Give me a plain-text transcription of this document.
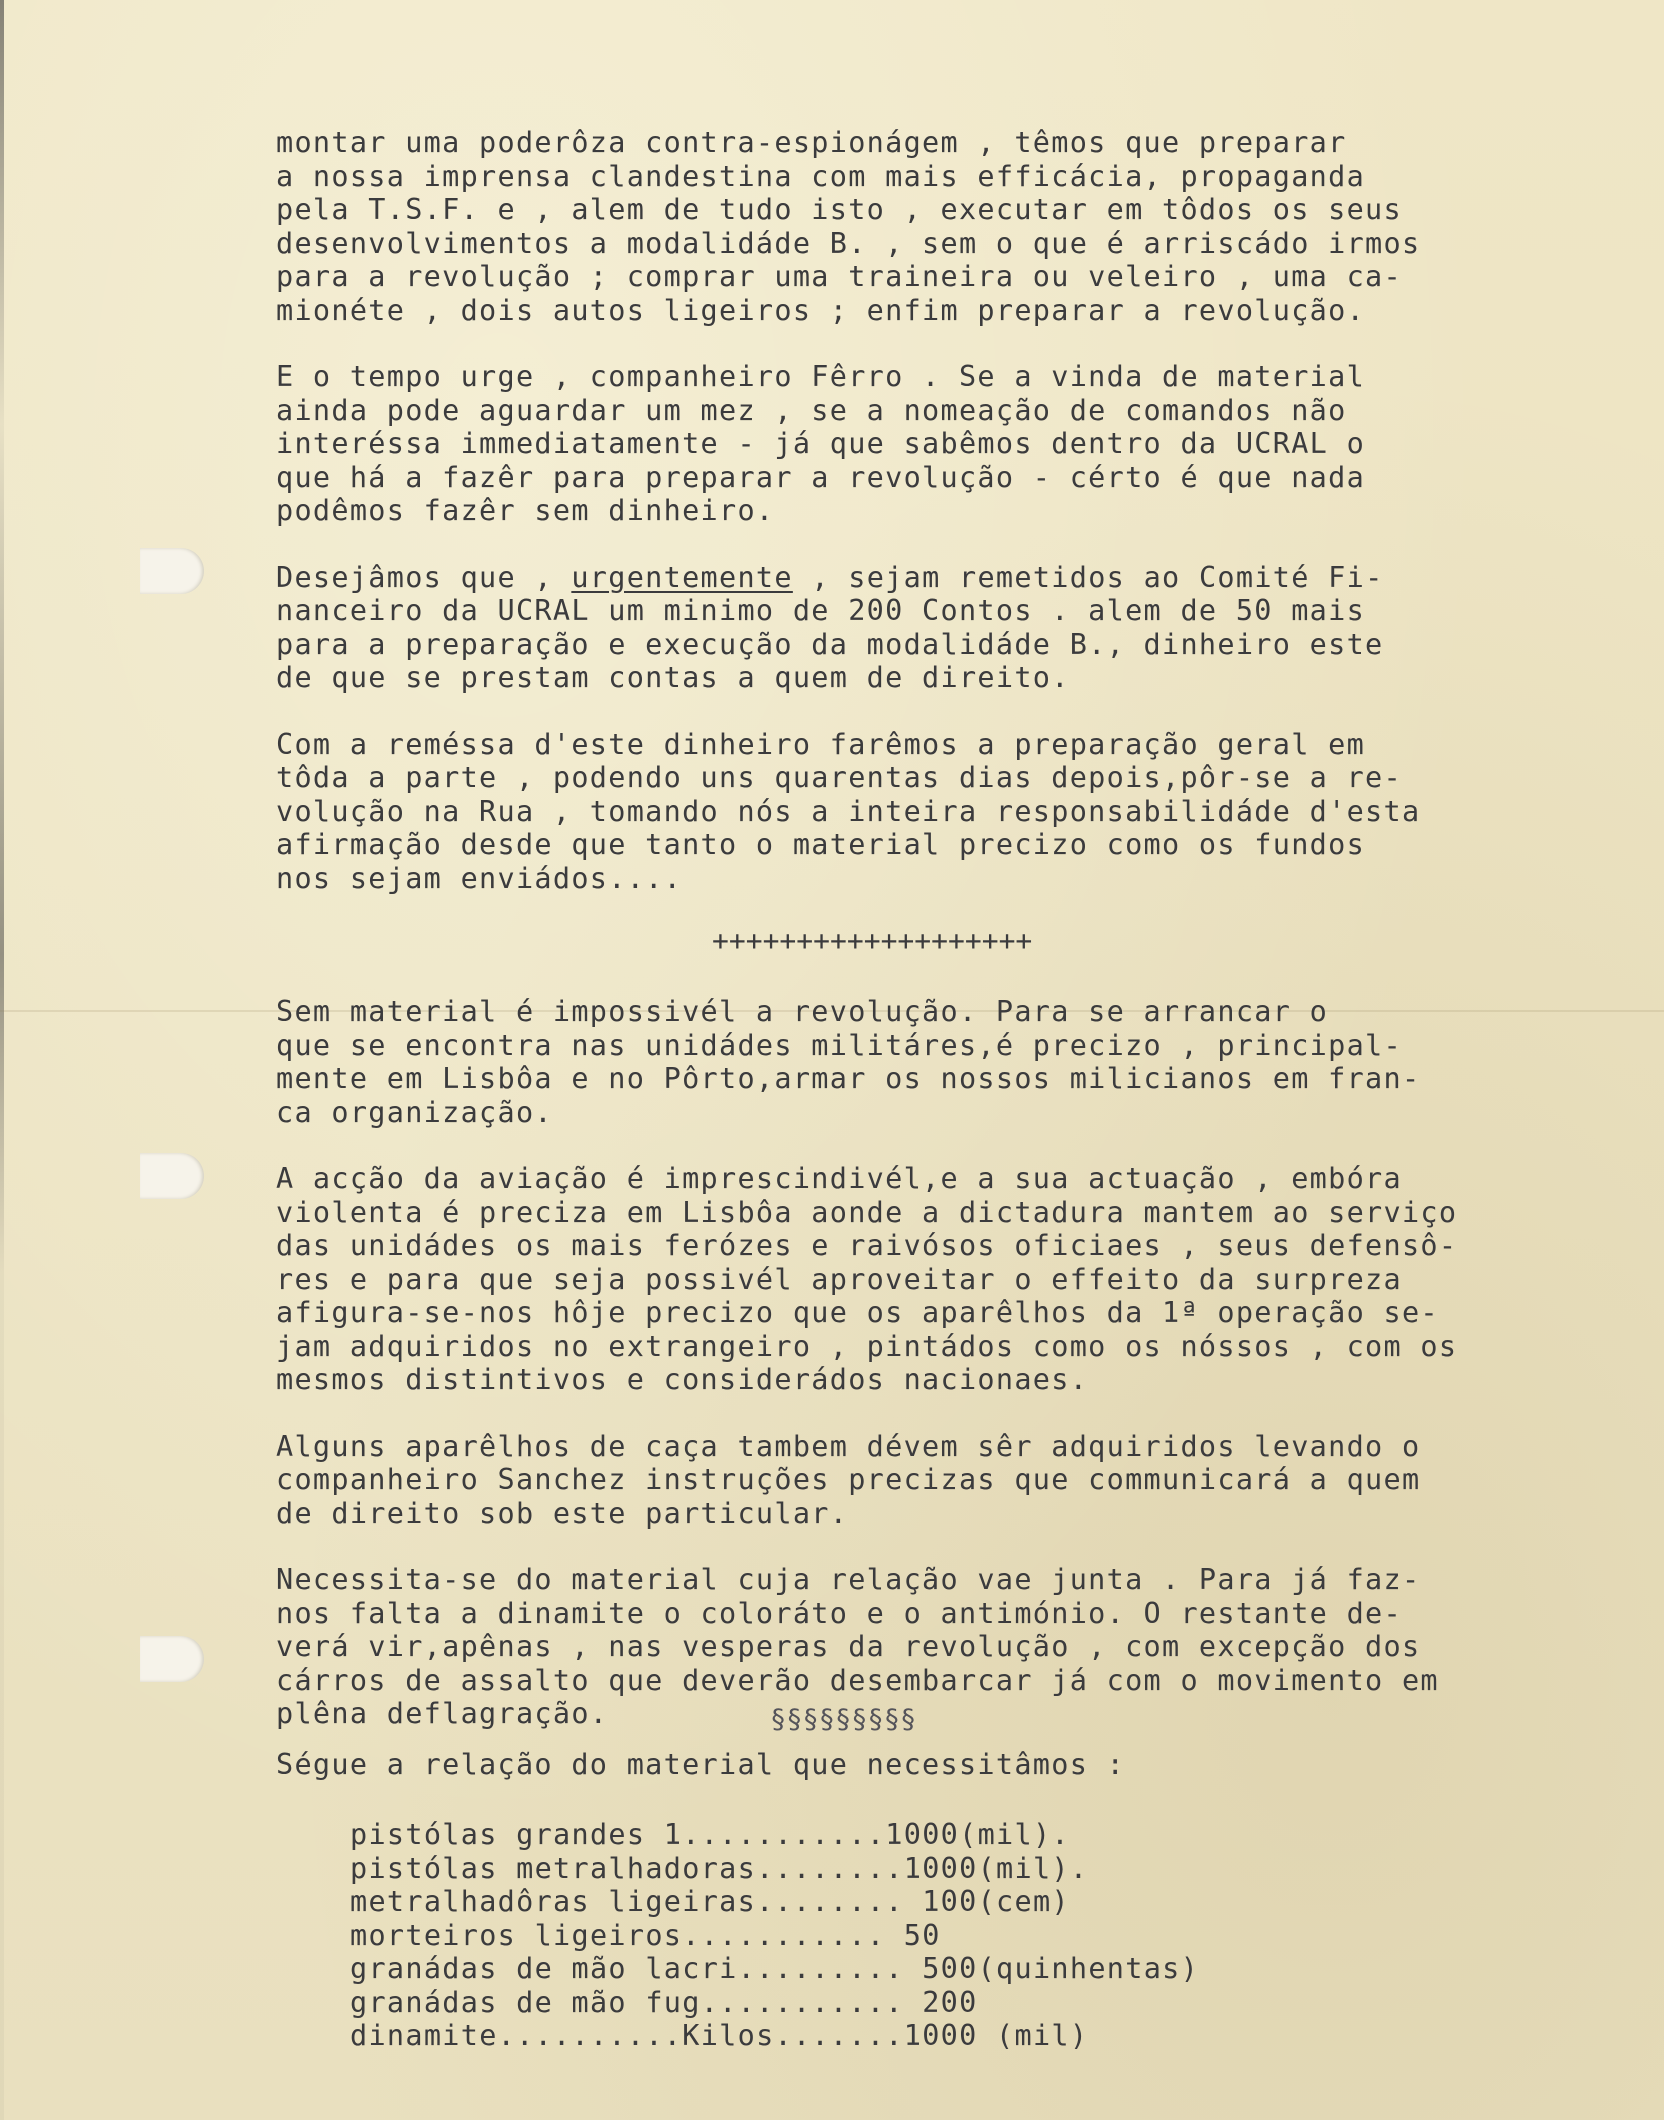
montar uma poderôza contra-espionágem , têmos que preparar
a nossa imprensa clandestina com mais efficácia, propaganda
pela T.S.F. e , alem de tudo isto , executar em tôdos os seus
desenvolvimentos a modalidáde B. , sem o que é arriscádo irmos
para a revolução ; comprar uma traineira ou veleiro , uma ca-
mionéte , dois autos ligeiros ; enfim preparar a revolução.
E o tempo urge , companheiro Fêrro . Se a vinda de material
ainda pode aguardar um mez , se a nomeação de comandos não
interéssa immediatamente - já que sabêmos dentro da UCRAL o
que há a fazêr para preparar a revolução - cérto é que nada
podêmos fazêr sem dinheiro.
Desejâmos que , urgentemente , sejam remetidos ao Comité Fi-
nanceiro da UCRAL um minimo de 200 Contos . alem de 50 mais
para a preparação e execução da modalidáde B., dinheiro este
de que se prestam contas a quem de direito.
Com a reméssa d'este dinheiro farêmos a preparação geral em
tôda a parte , podendo uns quarentas dias depois,pôr-se a re-
volução na Rua , tomando nós a inteira responsabilidáde d'esta
afirmação desde que tanto o material precizo como os fundos
nos sejam enviádos....
Sem material é impossivél a revolução. Para se arrancar o
que se encontra nas unidádes militáres,é precizo , principal-
mente em Lisbôa e no Pôrto,armar os nossos milicianos em fran-
ca organização.
A acção da aviação é imprescindivél,e a sua actuação , embóra
violenta é preciza em Lisbôa aonde a dictadura mantem ao serviço
das unidádes os mais ferózes e raivósos oficiaes , seus defensô-
res e para que seja possivél aproveitar o effeito da surpreza
afigura-se-nos hôje precizo que os aparêlhos da 1ª operação se-
jam adquiridos no extrangeiro , pintádos como os nóssos , com os
mesmos distintivos e considerádos nacionaes.
Alguns aparêlhos de caça tambem dévem sêr adquiridos levando o
companheiro Sanchez instruções precizas que communicará a quem
de direito sob este particular.
Necessita-se do material cuja relação vae junta . Para já faz-
nos falta a dinamite o coloráto e o antimónio. O restante de-
verá vir,apênas , nas vesperas da revolução , com excepção dos
cárros de assalto que deverão desembarcar já com o movimento em
plêna deflagração.
Ségue a relação do material que necessitâmos :
+++++++++++++++++++
§§§§§§§§§
pistólas grandes 1...........1000(mil).
pistólas metralhadoras........1000(mil).
metralhadôras ligeiras........ 100(cem)
morteiros ligeiros........... 50
granádas de mão lacri......... 500(quinhentas)
granádas de mão fug........... 200
dinamite..........Kilos.......1000 (mil)
